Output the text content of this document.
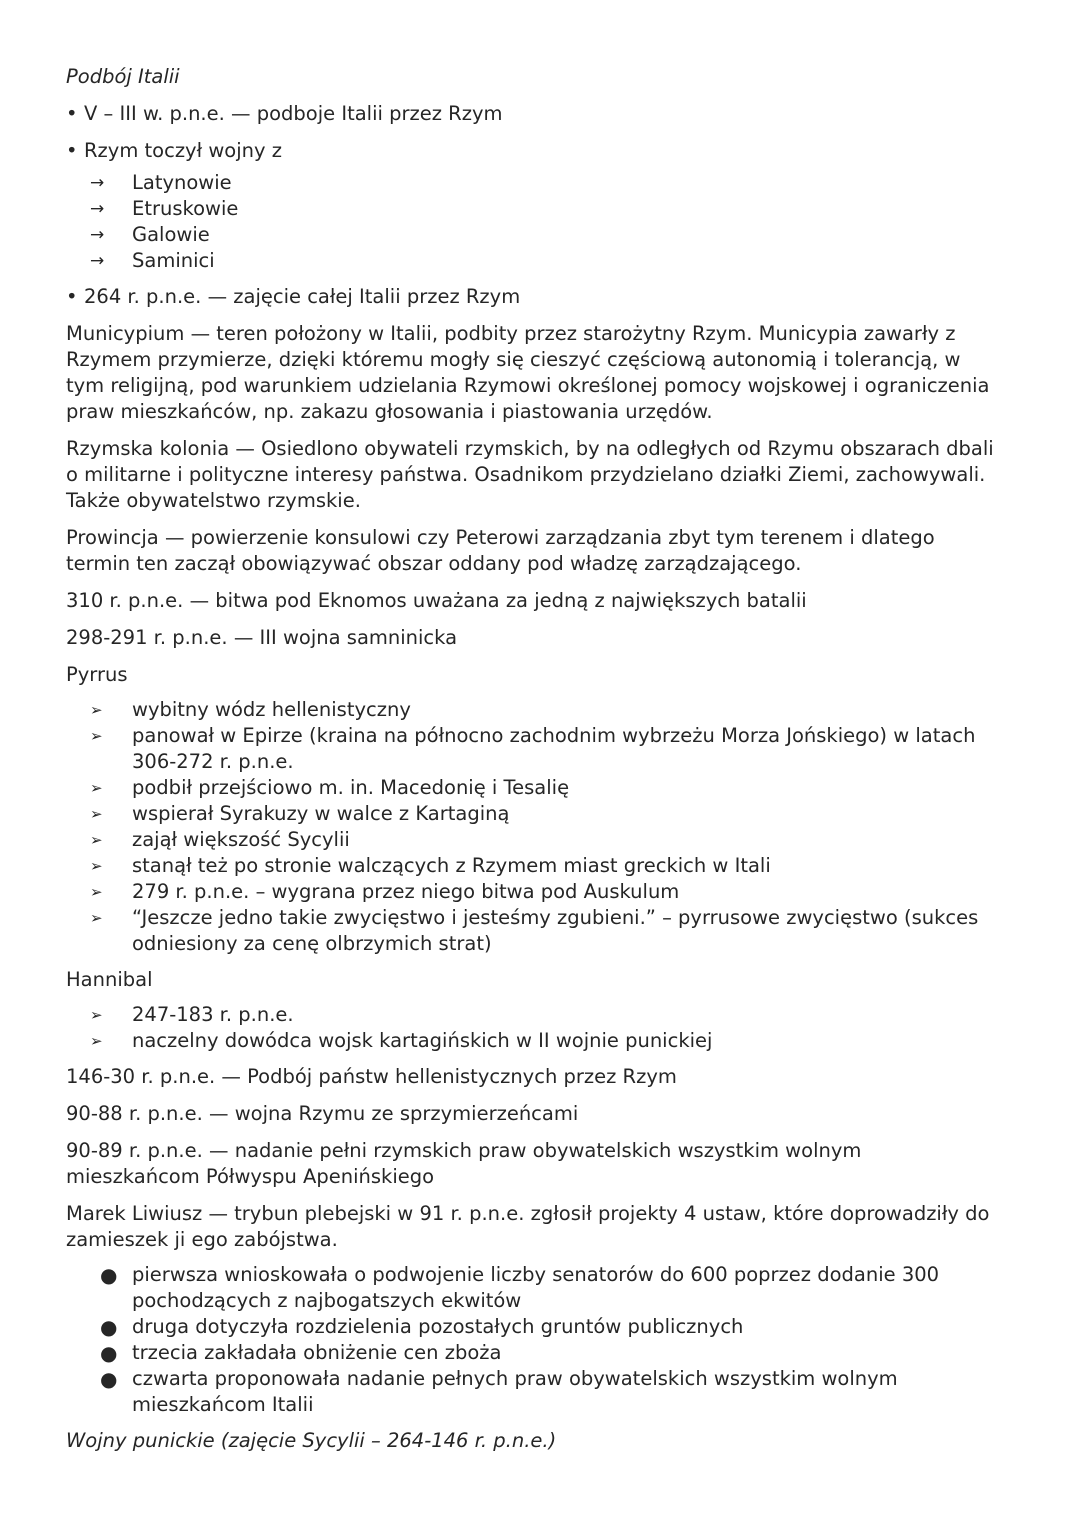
Podbój Italii

• V – III w. p.n.e. — podboje Italii przez Rzym
• Rzym toczył wojny z
→	Latynowie
→	Etruskowie
→	Galowie
→	Saminici
• 264 r. p.n.e. — zajęcie całej Italii przez Rzym

Municypium — teren położony w Italii, podbity przez starożytny Rzym. Municypia zawarły z Rzymem przymierze, dzięki któremu mogły się cieszyć częściową autonomią i tolerancją, w tym religijną, pod warunkiem udzielania Rzymowi określonej pomocy wojskowej i ograniczenia praw mieszkańców, np. zakazu głosowania i piastowania urzędów.

Rzymska kolonia — Osiedlono obywateli rzymskich, by na odległych od Rzymu obszarach dbali o militarne i polityczne interesy państwa. Osadnikom przydzielano działki Ziemi, zachowywali. Także obywatelstwo rzymskie.

Prowincja — powierzenie konsulowi czy Peterowi zarządzania zbyt tym terenem i dlatego termin ten zaczął obowiązywać obszar oddany pod władzę zarządzającego.

310 r. p.n.e. — bitwa pod Eknomos uważana za jedną z największych batalii

298-291 r. p.n.e. — III wojna samninicka

Pyrrus

➢	wybitny wódz hellenistyczny
➢	panował w Epirze (kraina na północno zachodnim wybrzeżu Morza Jońskiego) w latach 306-272 r. p.n.e.
➢	podbił przejściowo m. in. Macedonię i Tesalię
➢	wspierał Syrakuzy w walce z Kartaginą
➢	zajął większość Sycylii
➢	stanął też po stronie walczących z Rzymem miast greckich w Itali
➢	279 r. p.n.e. – wygrana przez niego bitwa pod Auskulum
➢	“Jeszcze jedno takie zwycięstwo i jesteśmy zgubieni.” – pyrrusowe zwycięstwo (sukces odniesiony za cenę olbrzymich strat)

Hannibal

➢	247-183 r. p.n.e.
➢	naczelny dowódca wojsk kartagińskich w II wojnie punickiej

146-30 r. p.n.e. — Podbój państw hellenistycznych przez Rzym

90-88 r. p.n.e. — wojna Rzymu ze sprzymierzeńcami

90-89 r. p.n.e. — nadanie pełni rzymskich praw obywatelskich wszystkim wolnym mieszkańcom Półwyspu Apenińskiego

Marek Liwiusz — trybun plebejski w 91 r. p.n.e. zgłosił projekty 4 ustaw, które doprowadziły do zamieszek ji ego zabójstwa.

● pierwsza wnioskowała o podwojenie liczby senatorów do 600 poprzez dodanie 300 pochodzących z najbogatszych ekwitów
● druga dotyczyła rozdzielenia pozostałych gruntów publicznych
● trzecia zakładała obniżenie cen zboża
● czwarta proponowała nadanie pełnych praw obywatelskich wszystkim wolnym mieszkańcom Italii

Wojny punickie (zajęcie Sycylii – 264-146 r. p.n.e.)
